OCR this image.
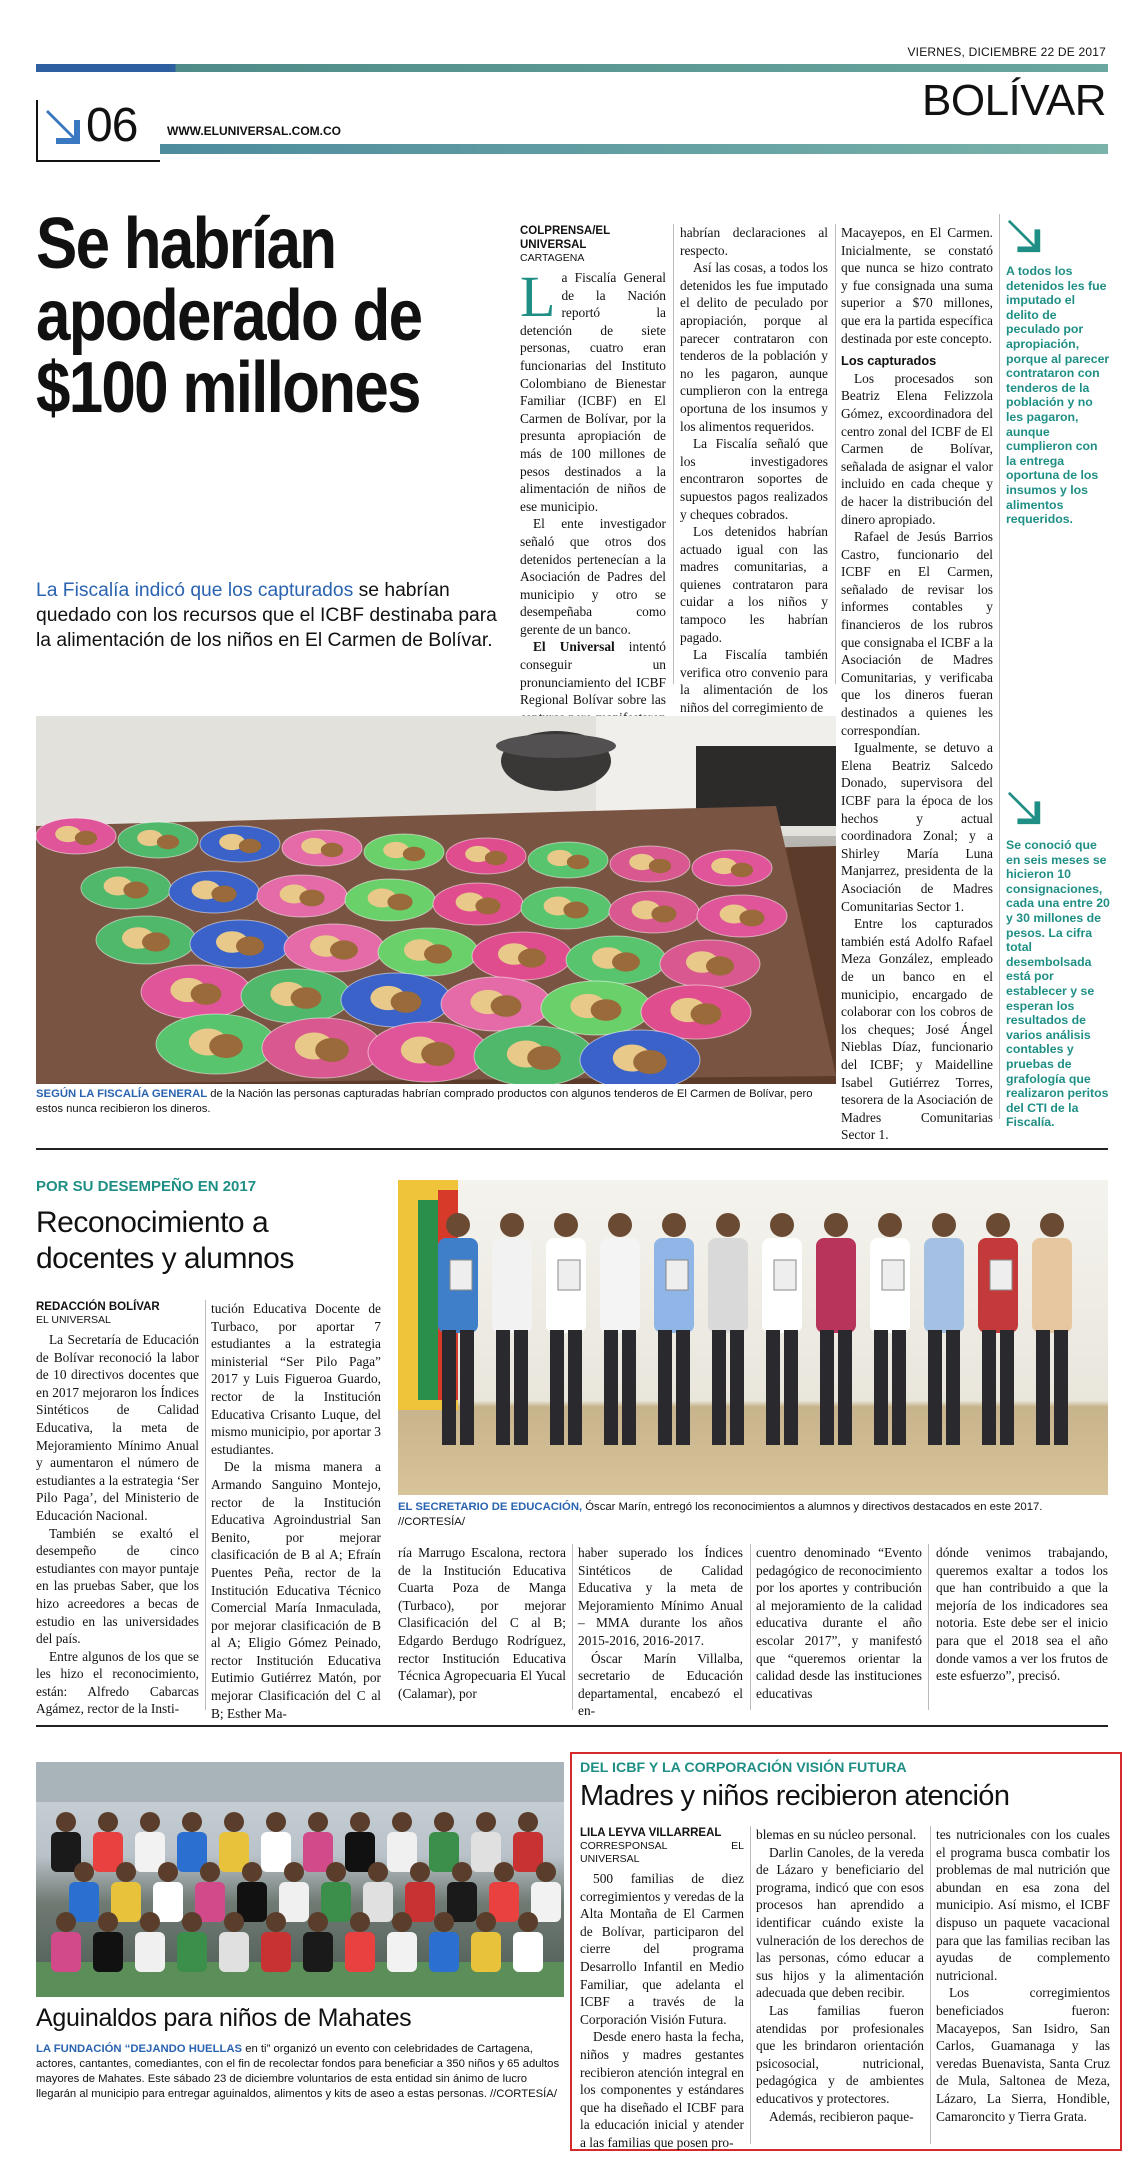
VIERNES, DICIEMBRE 22 DE 2017
06 WWW.ELUNIVERSAL.COM.CO
BOLÍVAR
Se habrían apoderado de $100 millones
La Fiscalía indicó que los capturados se habrían quedado con los recursos que el ICBF destinaba para la alimentación de los niños en El Carmen de Bolívar.
COLPRENSA/EL UNIVERSAL
CARTAGENA

La Fiscalía General de la Nación reportó la detención de siete personas, cuatro eran funcionarias del Instituto Colombiano de Bienestar Familiar (ICBF) en El Carmen de Bolívar, por la presunta apropiación de más de 100 millones de pesos destinados a la alimentación de niños de ese municipio.

El ente investigador señaló que otros dos detenidos pertenecían a la Asociación de Padres del municipio y otro se desempeñaba como gerente de un banco.

El Universal intentó conseguir un pronunciamiento del ICBF Regional Bolívar sobre las

habrían declaraciones al respecto.

Así las cosas, a todos los detenidos les fue imputado el delito de peculado por apropiación, porque al parecer contrataron con tenderos de la población y no les pagaron, aunque cumplieron con la entrega oportuna de los insumos y los alimentos requeridos.

La Fiscalía señaló que los investigadores encontraron soportes de supuestos pagos realizados y cheques cobrados.

Los detenidos habrían actuado igual con las madres comunitarias, a quienes contrataron para cuidar a los niños y tampoco les habrían pagado.

La Fiscalía también verifica otro convenio para la alimentación de los niños del corregimiento de

Macayepos, en El Carmen. Inicialmente, se constató que nunca se hizo contrato y fue consignada una suma superior a $70 millones, que era la partida específica destinada por este concepto.

Los capturados

Los procesados son Beatriz Elena Felizzola Gómez, excoordinadora del centro zonal del ICBF de El Carmen de Bolívar, señalada de asignar el valor incluido en cada cheque y de hacer la distribución del dinero apropiado.

Rafael de Jesús Barrios Castro, funcionario del ICBF en El Carmen, señalado de revisar los informes contables y financieros de los rubros que consignaba el ICBF a la Asociación de Madres Comunitarias, y verificaba que los dineros fueran destinados a quienes les correspondían.

Igualmente, se detuvo a Elena Beatriz Salcedo Donado, supervisora del ICBF para la época de los hechos y actual coordinadora Zonal; y a Shirley María Luna Manjarrez, presidenta de la Asociación de Madres Comunitarias Sector 1.

Entre los capturados también está Adolfo Rafael Meza González, empleado de un banco en el municipio, encargado de colaborar con los cobros de los cheques; José Ángel Nieblas Díaz, funcionario del ICBF; y Maidelline Isabel Gutiérrez Torres, tesorera de la Asociación de Madres Comunitarias Sector 1.

A todos los detenidos les fue imputado el delito de peculado por apropiación, porque al parecer contrataron con tenderos de la población y no les pagaron, aunque cumplieron con la entrega oportuna de los insumos y los alimentos requeridos.
Se conoció que en seis meses se hicieron 10 consignaciones, cada una entre 20 y 30 millones de pesos. La cifra total desembolsada está por establecer y se esperan los resultados de varios análisis contables y pruebas de grafología que realizaron peritos del CTI de la Fiscalía.
SEGÚN LA FISCALÍA GENERAL de la Nación las personas capturadas habrían comprado productos con algunos tenderos de El Carmen de Bolívar, pero estos nunca recibieron los dineros.
POR SU DESEMPEÑO EN 2017
Reconocimiento a docentes y alumnos
REDACCIÓN BOLÍVAR
EL UNIVERSAL

La Secretaría de Educación de Bolívar reconoció la labor de 10 directivos docentes que en 2017 mejoraron los Índices Sintéticos de Calidad Educativa, la meta de Mejoramiento Mínimo Anual y aumentaron el número de estudiantes a la estrategia ‘Ser Pilo Paga’, del Ministerio de Educación Nacional.

También se exaltó el desempeño de cinco estudiantes con mayor puntaje en las pruebas Saber, que los hizo acreedores a becas de estudio en las universidades del país.

Entre algunos de los que se les hizo el reconocimiento, están: Alfredo Cabarcas Agámez, rector de la Insti-

tución Educativa Docente de Turbaco, por aportar 7 estudiantes a la estrategia ministerial “Ser Pilo Paga” 2017 y Luis Figueroa Guardo, rector de la Institución Educativa Crisanto Luque, del mismo municipio, por aportar 3 estudiantes.

De la misma manera a Armando Sanguino Montejo, rector de la Institución Educativa Agroindustrial San Benito, por mejorar clasificación de B al A; Efraín Puentes Peña, rector de la Institución Educativa Técnico Comercial María Inmaculada, por mejorar clasificación de B al A; Eligio Gómez Peinado, rector Institución Educativa Eutimio Gutiérrez Matón, por mejorar Clasificación del C al B; Esther Ma-

EL SECRETARIO DE EDUCACIÓN, Óscar Marín, entregó los reconocimientos a alumnos y directivos destacados en este 2017. //CORTESÍA/

ría Marrugo Escalona, rectora de la Institución Educativa Cuarta Poza de Manga (Turbaco), por mejorar Clasificación del C al B; Edgardo Berdugo Rodríguez, rector Institución Educativa Técnica Agropecuaria El Yucal (Calamar), por

haber superado los Índices Sintéticos de Calidad Educativa y la meta de Mejoramiento Mínimo Anual – MMA durante los años 2015-2016, 2016-2017.

Óscar Marín Villalba, secretario de Educación departamental, encabezó el en-

cuentro denominado “Evento pedagógico de reconocimiento por los aportes y contribución al mejoramiento de la calidad educativa durante el año escolar 2017”, y manifestó que “queremos orientar la calidad desde las instituciones educativas

dónde venimos trabajando, queremos exaltar a todos los que han contribuido a que la mejoría de los indicadores sea notoria. Este debe ser el inicio para que el 2018 sea el año donde vamos a ver los frutos de este esfuerzo”, precisó.

Aguinaldos para niños de Mahates
LA FUNDACIÓN “DEJANDO HUELLAS en ti” organizó un evento con celebridades de Cartagena, actores, cantantes, comediantes, con el fin de recolectar fondos para beneficiar a 350 niños y 65 adultos mayores de Mahates. Este sábado 23 de diciembre voluntarios de esta entidad sin ánimo de lucro llegarán al municipio para entregar aguinaldos, alimentos y kits de aseo a estas personas. //CORTESÍA/
DEL ICBF Y LA CORPORACIÓN VISIÓN FUTURA
Madres y niños recibieron atención
LILA LEYVA VILLARREAL
CORRESPONSAL EL UNIVERSAL

500 familias de diez corregimientos y veredas de la Alta Montaña de El Carmen de Bolívar, participaron del cierre del programa Desarrollo Infantil en Medio Familiar, que adelanta el ICBF a través de la Corporación Visión Futura.

Desde enero hasta la fecha, niños y madres gestantes recibieron atención integral en los componentes y estándares que ha diseñado el ICBF para la educación inicial y atender a las familias que posen pro-

blemas en su núcleo personal.

Darlin Canoles, de la vereda de Lázaro y beneficiario del programa, indicó que con esos procesos han aprendido a identificar cuándo existe la vulneración de los derechos de las personas, cómo educar a sus hijos y la alimentación adecuada que deben recibir.

Las familias fueron atendidas por profesionales que les brindaron orientación psicosocial, nutricional, pedagógica y de ambientes educativos y protectores.

Además, recibieron paque-

tes nutricionales con los cuales el programa busca combatir los problemas de mal nutrición que abundan en esa zona del municipio. Así mismo, el ICBF dispuso un paquete vacacional para que las familias reciban las ayudas de complemento nutricional.

Los corregimientos beneficiados fueron: Macayepos, San Isidro, San Carlos, Guamanaga y las veredas Buenavista, Santa Cruz de Mula, Saltonea de Meza, Lázaro, La Sierra, Hondible, Camaroncito y Tierra Grata.
